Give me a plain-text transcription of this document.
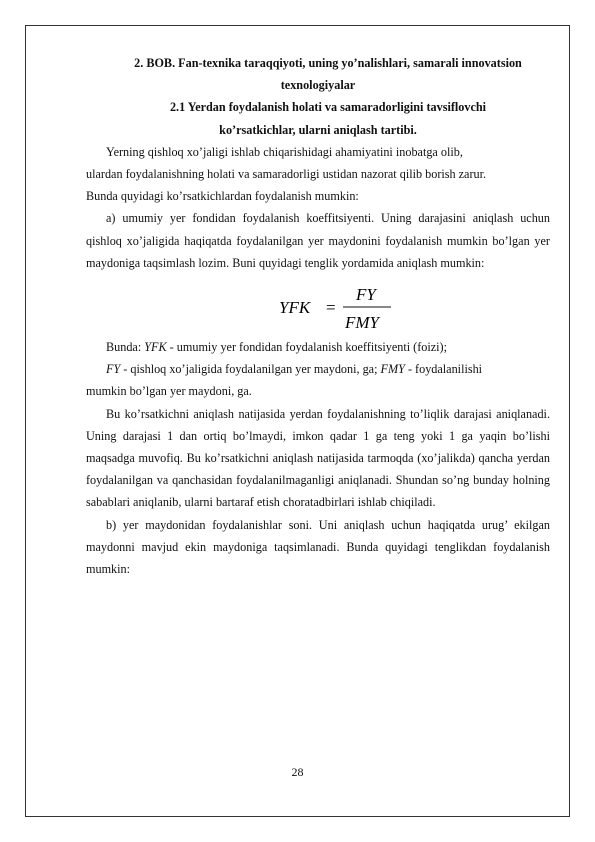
2. BOB. Fan-texnika taraqqiyoti, uning yo’nalishlari, samarali innovatsion
texnologiyalar
2.1 Yerdan foydalanish holati va samaradorligini tavsiflovchi
ko’rsatkichlar, ularni aniqlash tartibi.

Yerning qishloq xo’jaligi ishlab chiqarishidagi ahamiyatini inobatga olib,

ulardan foydalanishning holati va samaradorligi ustidan nazorat qilib borish zarur.

Bunda quyidagi ko’rsatkichlardan foydalanish mumkin:

a) umumiy yer fondidan foydalanish koeffitsiyenti. Uning darajasini aniqlash uchun qishloq xo’jaligida haqiqatda foydalanilgan yer maydonini foydalanish mumkin bo’lgan yer maydoniga taqsimlash lozim. Buni quyidagi tenglik yordamida aniqlash mumkin:

YFK =
FY
FMY

Bunda: YFK - umumiy yer fondidan foydalanish koeffitsiyenti (foizi);

FY - qishloq xo’jaligida foydalanilgan yer maydoni, ga; FMY - foydalanilishi

mumkin bo’lgan yer maydoni, ga.

Bu ko’rsatkichni aniqlash natijasida yerdan foydalanishning to’liqlik darajasi aniqlanadi. Uning darajasi 1 dan ortiq bo’lmaydi, imkon qadar 1 ga teng yoki 1 ga yaqin bo’lishi maqsadga muvofiq. Bu ko’rsatkichni aniqlash natijasida tarmoqda (xo’jalikda) qancha yerdan foydalanilgan va qanchasidan foydalanilmaganligi aniqlanadi. Shundan so’ng bunday holning sabablari aniqlanib, ularni bartaraf etish choratadbirlari ishlab chiqiladi.

b) yer maydonidan foydalanishlar soni. Uni aniqlash uchun haqiqatda urug’ ekilgan maydonni mavjud ekin maydoniga taqsimlanadi. Bunda quyidagi tenglikdan foydalanish mumkin:

28
